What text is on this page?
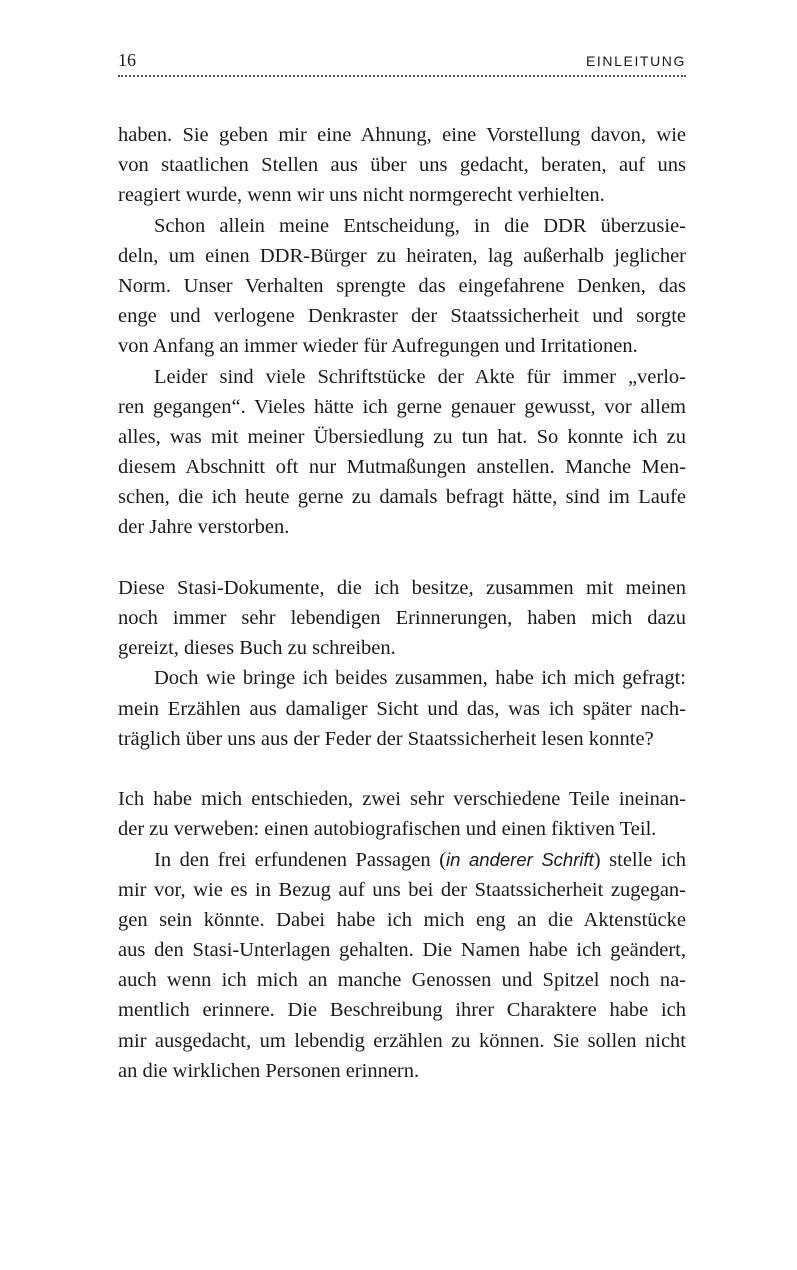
16	EINLEITUNG
haben. Sie geben mir eine Ahnung, eine Vorstellung davon, wie
von staatlichen Stellen aus über uns gedacht, beraten, auf uns
reagiert wurde, wenn wir uns nicht normgerecht verhielten.
Schon allein meine Entscheidung, in die DDR überzusie-
deln, um einen DDR-Bürger zu heiraten, lag außerhalb jeglicher
Norm. Unser Verhalten sprengte das eingefahrene Denken, das
enge und verlogene Denkraster der Staatssicherheit und sorgte
von Anfang an immer wieder für Aufregungen und Irritationen.
Leider sind viele Schriftstücke der Akte für immer „verlo-
ren gegangen“. Vieles hätte ich gerne genauer gewusst, vor allem
alles, was mit meiner Übersiedlung zu tun hat. So konnte ich zu
diesem Abschnitt oft nur Mutmaßungen anstellen. Manche Men-
schen, die ich heute gerne zu damals befragt hätte, sind im Laufe
der Jahre verstorben.
Diese Stasi-Dokumente, die ich besitze, zusammen mit meinen
noch immer sehr lebendigen Erinnerungen, haben mich dazu
gereizt, dieses Buch zu schreiben.
Doch wie bringe ich beides zusammen, habe ich mich gefragt:
mein Erzählen aus damaliger Sicht und das, was ich später nach-
träglich über uns aus der Feder der Staatssicherheit lesen konnte?
Ich habe mich entschieden, zwei sehr verschiedene Teile ineinan-
der zu verweben: einen autobiografischen und einen fiktiven Teil.
In den frei erfundenen Passagen (in anderer Schrift) stelle ich
mir vor, wie es in Bezug auf uns bei der Staatssicherheit zugegan-
gen sein könnte. Dabei habe ich mich eng an die Aktenstücke
aus den Stasi-Unterlagen gehalten. Die Namen habe ich geändert,
auch wenn ich mich an manche Genossen und Spitzel noch na-
mentlich erinnere. Die Beschreibung ihrer Charaktere habe ich
mir ausgedacht, um lebendig erzählen zu können. Sie sollen nicht
an die wirklichen Personen erinnern.
